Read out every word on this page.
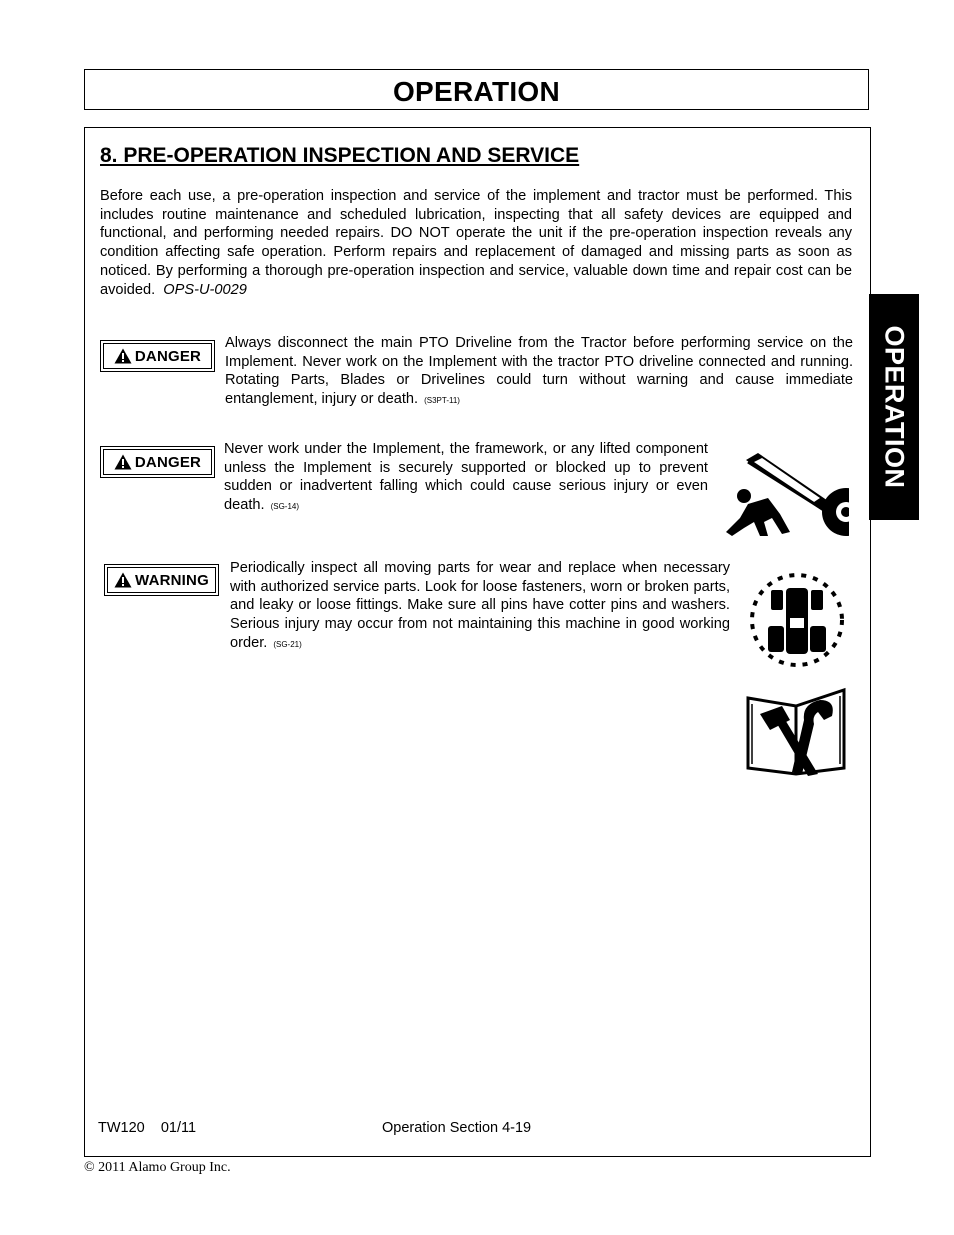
OPERATION
OPERATION
8. PRE-OPERATION INSPECTION AND SERVICE
Before each use, a pre-operation inspection and service of the implement and tractor must be performed. This includes routine maintenance and scheduled lubrication, inspecting that all safety devices are equipped and functional, and performing needed repairs. DO NOT operate the unit if the pre-operation inspection reveals any condition affecting safe operation. Perform repairs and replacement of damaged and missing parts as soon as noticed. By performing a thorough pre-operation inspection and service, valuable down time and repair cost can be avoided. OPS-U-0029
DANGER
Always disconnect the main PTO Driveline from the Tractor before performing service on the Implement. Never work on the Implement with the tractor PTO driveline connected and running. Rotating Parts, Blades or Drivelines could turn without warning and cause immediate entanglement, injury or death. (S3PT-11)
DANGER
Never work under the Implement, the framework, or any lifted component unless the Implement is securely supported or blocked up to prevent sudden or inadvertent falling which could cause serious injury or even death. (SG-14)
WARNING
Periodically inspect all moving parts for wear and replace when necessary with authorized service parts. Look for loose fasteners, worn or broken parts, and leaky or loose fittings. Make sure all pins have cotter pins and washers. Serious injury may occur from not maintaining this machine in good working order. (SG-21)
TW120    01/11	Operation Section 4-19
© 2011 Alamo Group Inc.
